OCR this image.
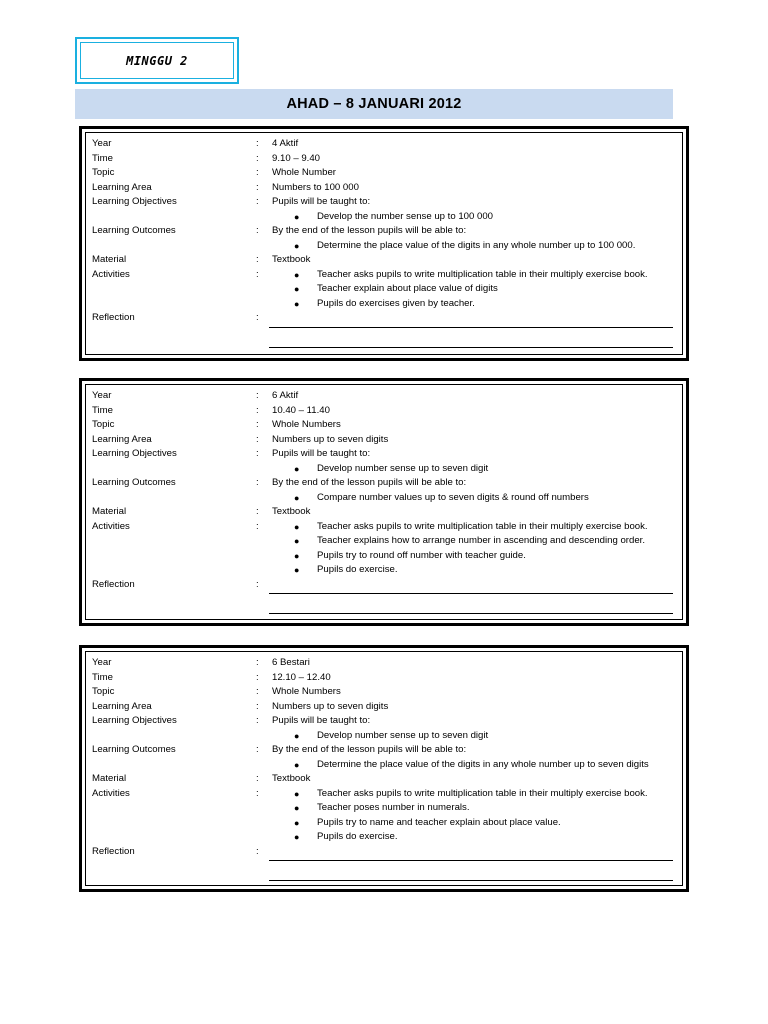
MINGGU 2
AHAD – 8 JANUARI 2012
Year	: 4 Aktif
Time	: 9.10 – 9.40
Topic	: Whole Number
Learning Area	: Numbers to 100 000
Learning Objectives	: Pupils will be taught to:
● Develop the number sense up to 100 000
Learning Outcomes	: By the end of the lesson pupils will be able to:
● Determine the place value of the digits in any whole number up to 100 000.
Material	: Textbook
Activities	:	● Teacher asks pupils to write multiplication table in their multiply exercise book.
● Teacher explain about place value of digits
● Pupils do exercises given by teacher.
Reflection	:
Year	: 6 Aktif
Time	: 10.40 – 11.40
Topic	: Whole Numbers
Learning Area	: Numbers up to seven digits
Learning Objectives	: Pupils will be taught to:
● Develop number sense up to seven digit
Learning Outcomes	: By the end of the lesson pupils will be able to:
● Compare number values up to seven digits & round off numbers
Material	: Textbook
Activities	:	● Teacher asks pupils to write multiplication table in their multiply exercise book.
● Teacher explains how to arrange number in ascending and descending order.
● Pupils try to round off number with teacher guide.
● Pupils do exercise.
Reflection	:
Year	: 6 Bestari
Time	: 12.10 – 12.40
Topic	: Whole Numbers
Learning Area	: Numbers up to seven digits
Learning Objectives	: Pupils will be taught to:
● Develop number sense up to seven digit
Learning Outcomes	: By the end of the lesson pupils will be able to:
● Determine the place value of the digits in any whole number up to seven digits
Material	: Textbook
Activities	:	● Teacher asks pupils to write multiplication table in their multiply exercise book.
● Teacher poses number in numerals.
● Pupils try to name and teacher explain about place value.
● Pupils do exercise.
Reflection	:
